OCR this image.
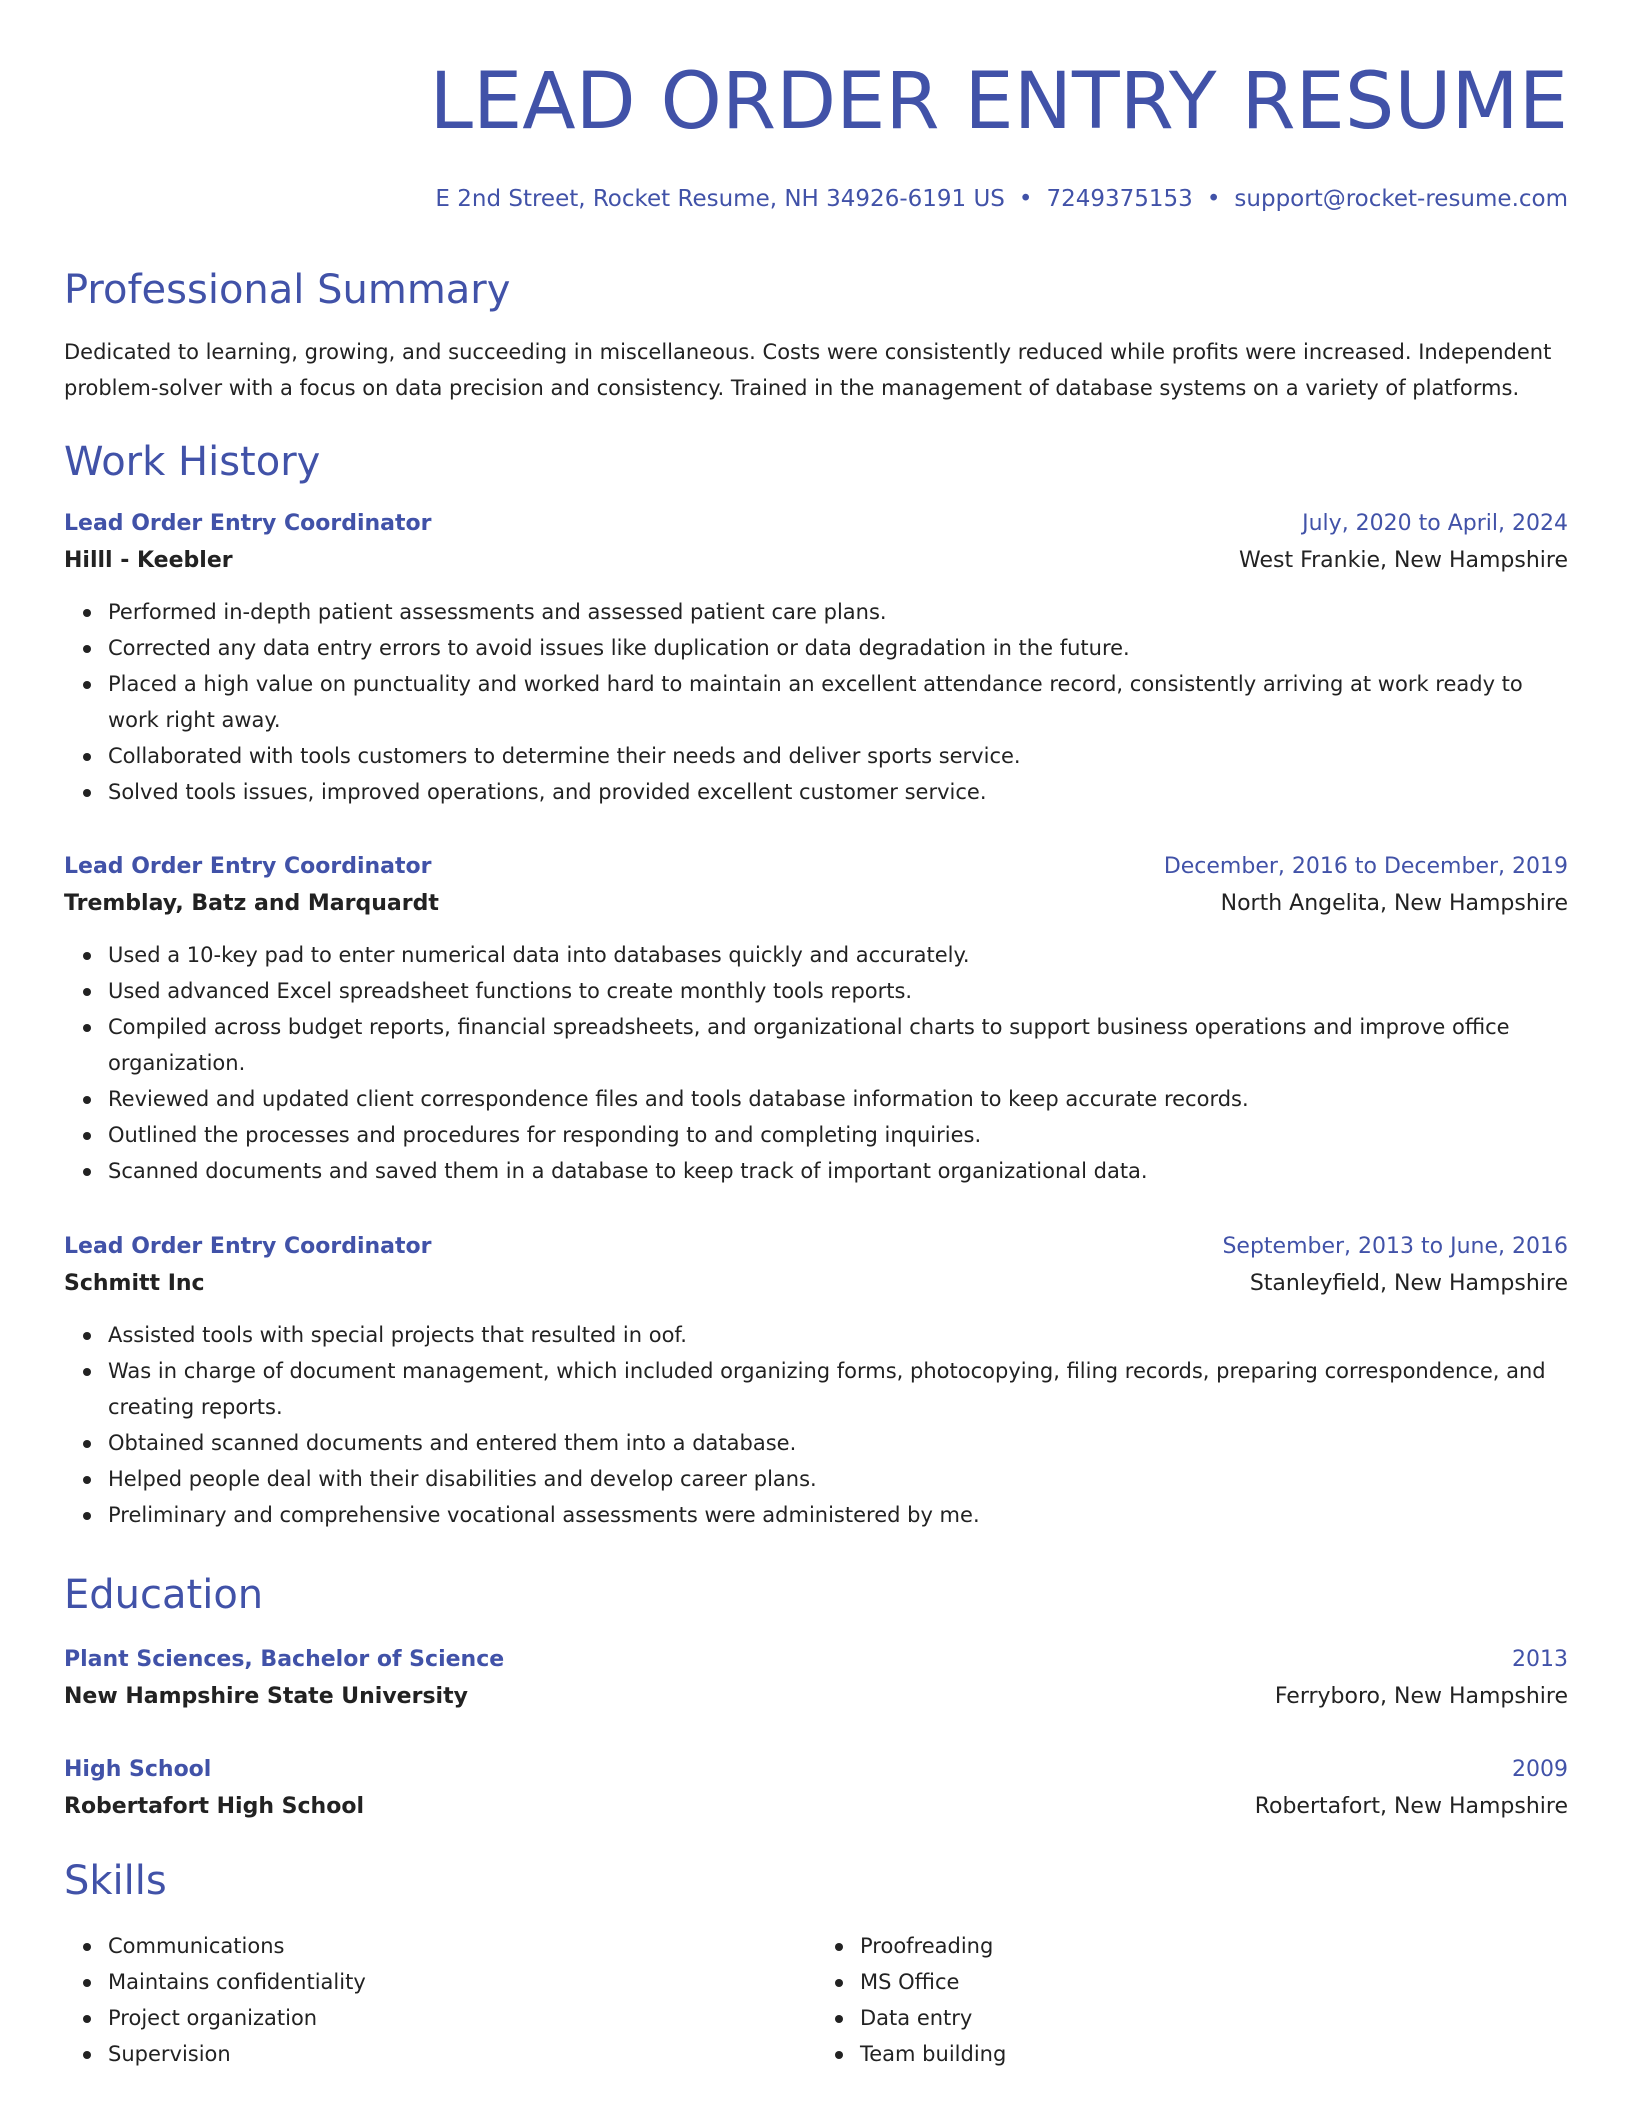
LEAD ORDER ENTRY RESUME
E 2nd Street, Rocket Resume, NH 34926-6191 US • 7249375153 • support@rocket-resume.com
Professional Summary
Dedicated to learning, growing, and succeeding in miscellaneous. Costs were consistently reduced while profits were increased. Independent problem-solver with a focus on data precision and consistency. Trained in the management of database systems on a variety of platforms.
Work History
Lead Order Entry Coordinator	July, 2020 to April, 2024
Hilll - Keebler	West Frankie, New Hampshire
Performed in-depth patient assessments and assessed patient care plans.
Corrected any data entry errors to avoid issues like duplication or data degradation in the future.
Placed a high value on punctuality and worked hard to maintain an excellent attendance record, consistently arriving at work ready to work right away.
Collaborated with tools customers to determine their needs and deliver sports service.
Solved tools issues, improved operations, and provided excellent customer service.
Lead Order Entry Coordinator	December, 2016 to December, 2019
Tremblay, Batz and Marquardt	North Angelita, New Hampshire
Used a 10-key pad to enter numerical data into databases quickly and accurately.
Used advanced Excel spreadsheet functions to create monthly tools reports.
Compiled across budget reports, financial spreadsheets, and organizational charts to support business operations and improve office organization.
Reviewed and updated client correspondence files and tools database information to keep accurate records.
Outlined the processes and procedures for responding to and completing inquiries.
Scanned documents and saved them in a database to keep track of important organizational data.
Lead Order Entry Coordinator	September, 2013 to June, 2016
Schmitt Inc	Stanleyfield, New Hampshire
Assisted tools with special projects that resulted in oof.
Was in charge of document management, which included organizing forms, photocopying, filing records, preparing correspondence, and creating reports.
Obtained scanned documents and entered them into a database.
Helped people deal with their disabilities and develop career plans.
Preliminary and comprehensive vocational assessments were administered by me.
Education
Plant Sciences, Bachelor of Science	2013
New Hampshire State University	Ferryboro, New Hampshire
High School	2009
Robertafort High School	Robertafort, New Hampshire
Skills
Communications
Maintains confidentiality
Project organization
Supervision
Proofreading
MS Office
Data entry
Team building
